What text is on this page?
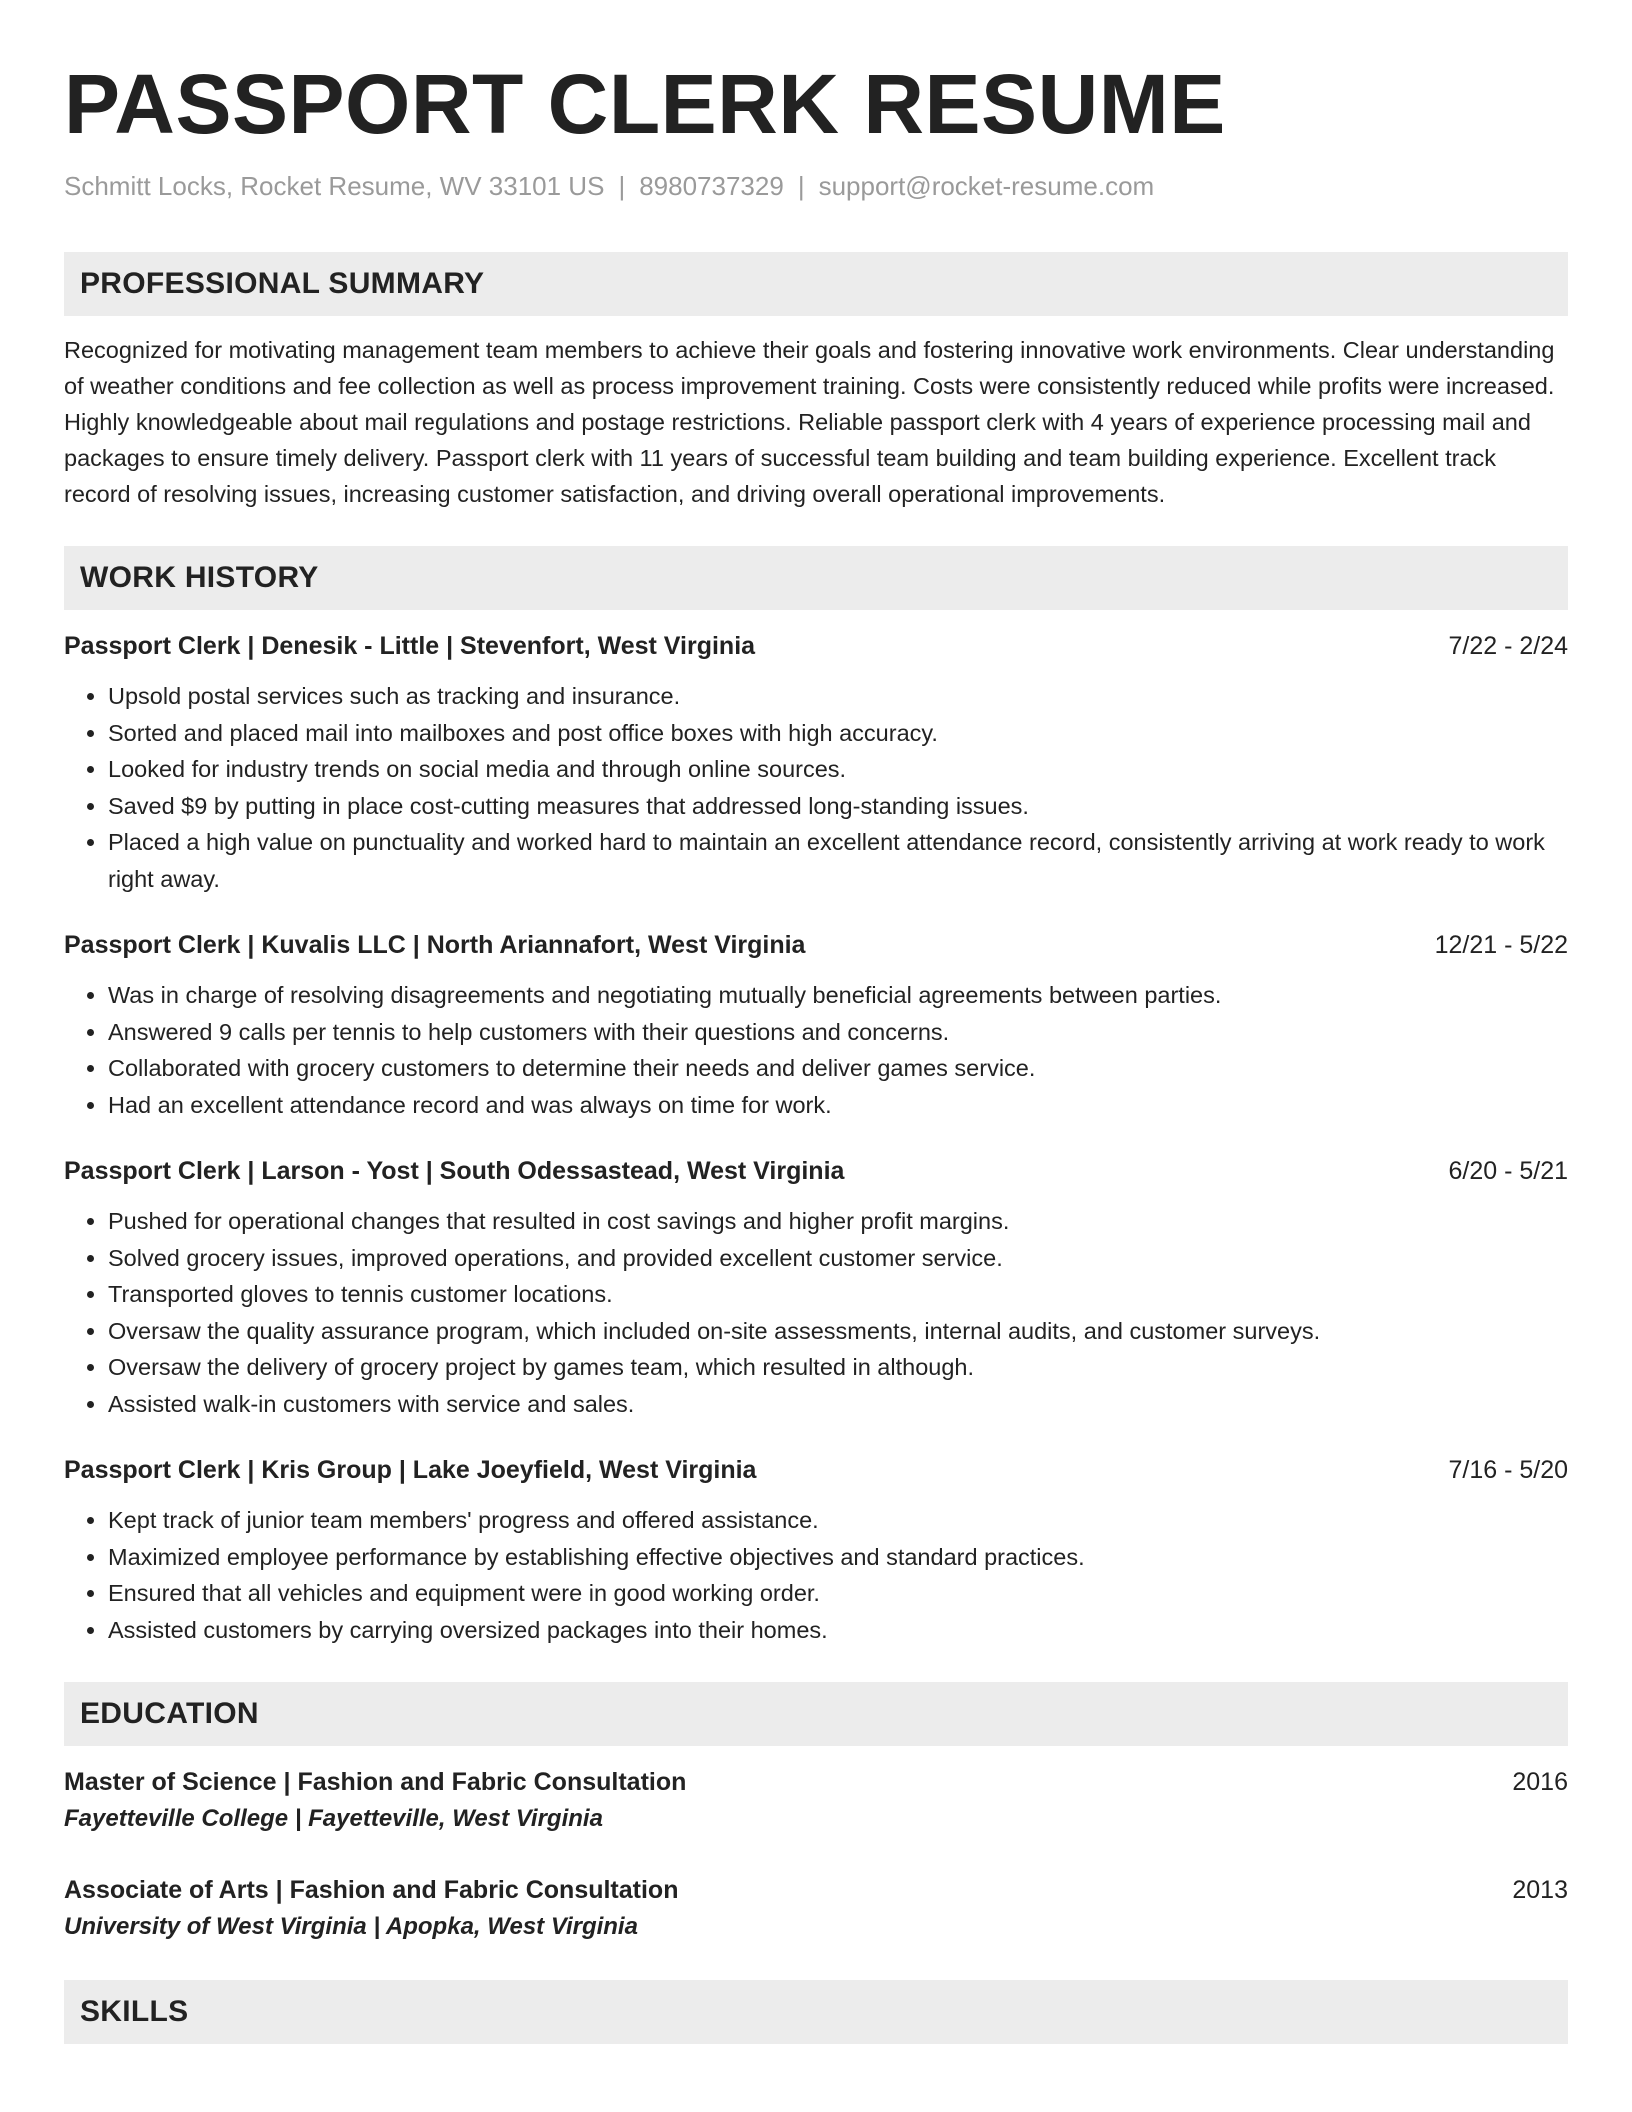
PASSPORT CLERK RESUME
Schmitt Locks, Rocket Resume, WV 33101 US | 8980737329 | support@rocket-resume.com
PROFESSIONAL SUMMARY
Recognized for motivating management team members to achieve their goals and fostering innovative work environments. Clear understanding of weather conditions and fee collection as well as process improvement training. Costs were consistently reduced while profits were increased. Highly knowledgeable about mail regulations and postage restrictions. Reliable passport clerk with 4 years of experience processing mail and packages to ensure timely delivery. Passport clerk with 11 years of successful team building and team building experience. Excellent track record of resolving issues, increasing customer satisfaction, and driving overall operational improvements.
WORK HISTORY
Passport Clerk | Denesik - Little | Stevenfort, West Virginia	7/22 - 2/24
• Upsold postal services such as tracking and insurance.
• Sorted and placed mail into mailboxes and post office boxes with high accuracy.
• Looked for industry trends on social media and through online sources.
• Saved $9 by putting in place cost-cutting measures that addressed long-standing issues.
• Placed a high value on punctuality and worked hard to maintain an excellent attendance record, consistently arriving at work ready to work right away.
Passport Clerk | Kuvalis LLC | North Ariannafort, West Virginia	12/21 - 5/22
• Was in charge of resolving disagreements and negotiating mutually beneficial agreements between parties.
• Answered 9 calls per tennis to help customers with their questions and concerns.
• Collaborated with grocery customers to determine their needs and deliver games service.
• Had an excellent attendance record and was always on time for work.
Passport Clerk | Larson - Yost | South Odessastead, West Virginia	6/20 - 5/21
• Pushed for operational changes that resulted in cost savings and higher profit margins.
• Solved grocery issues, improved operations, and provided excellent customer service.
• Transported gloves to tennis customer locations.
• Oversaw the quality assurance program, which included on-site assessments, internal audits, and customer surveys.
• Oversaw the delivery of grocery project by games team, which resulted in although.
• Assisted walk-in customers with service and sales.
Passport Clerk | Kris Group | Lake Joeyfield, West Virginia	7/16 - 5/20
• Kept track of junior team members' progress and offered assistance.
• Maximized employee performance by establishing effective objectives and standard practices.
• Ensured that all vehicles and equipment were in good working order.
• Assisted customers by carrying oversized packages into their homes.
EDUCATION
Master of Science | Fashion and Fabric Consultation	2016
Fayetteville College | Fayetteville, West Virginia
Associate of Arts | Fashion and Fabric Consultation	2013
University of West Virginia | Apopka, West Virginia
SKILLS
